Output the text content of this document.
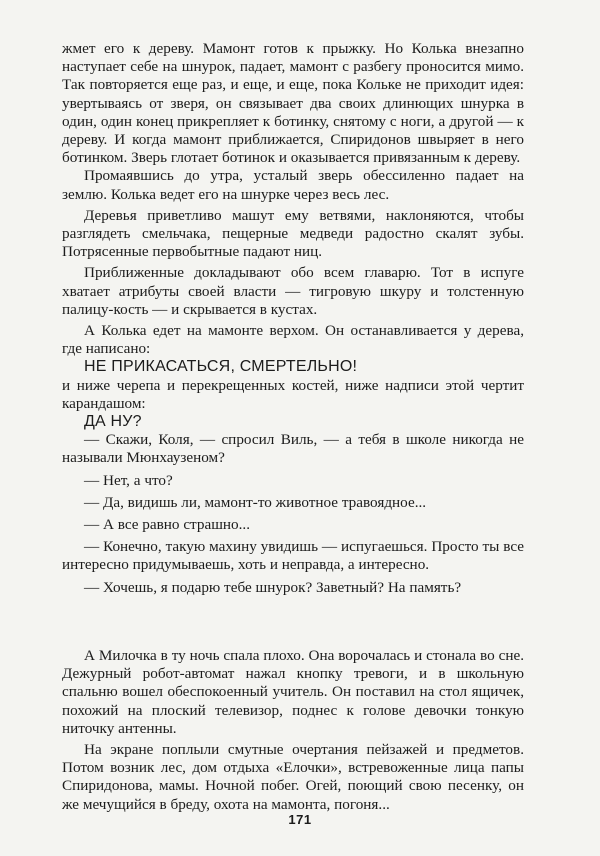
жмет его к дереву. Мамонт готов к прыжку. Но Колька внезапно наступает себе на шнурок, падает, мамонт с разбегу проносится мимо. Так повторяется еще раз, и еще, и еще, пока Кольке не приходит идея: увертываясь от зверя, он связывает два своих длинющих шнурка в один, один конец прикрепляет к ботинку, снятому с ноги, а другой — к дереву. И когда мамонт приближается, Спиридонов швыряет в него ботинком. Зверь глотает ботинок и оказывается привязанным к дереву.

Промаявшись до утра, усталый зверь обессиленно падает на землю. Колька ведет его на шнурке через весь лес.

Деревья приветливо машут ему ветвями, наклоняются, чтобы разглядеть смельчака, пещерные медведи радостно скалят зубы. Потрясенные первобытные падают ниц.

Приближенные докладывают обо всем главарю. Тот в испуге хватает атрибуты своей власти — тигровую шкуру и толстенную палицу-кость — и скрывается в кустах.

А Колька едет на мамонте верхом. Он останавливается у дерева, где написано:

НЕ ПРИКАСАТЬСЯ, СМЕРТЕЛЬНО!

и ниже черепа и перекрещенных костей, ниже надписи этой чертит карандашом:

ДА НУ?

— Скажи, Коля, — спросил Виль, — а тебя в школе никогда не называли Мюнхаузеном?

— Нет, а что?

— Да, видишь ли, мамонт-то животное травоядное...

— А все равно страшно...

— Конечно, такую махину увидишь — испугаешься. Просто ты все интересно придумываешь, хоть и неправда, а интересно.

— Хочешь, я подарю тебе шнурок? Заветный? На память?

А Милочка в ту ночь спала плохо. Она ворочалась и стонала во сне. Дежурный робот-автомат нажал кнопку тревоги, и в школьную спальню вошел обеспокоенный учитель. Он поставил на стол ящичек, похожий на плоский телевизор, поднес к голове девочки тонкую ниточку антенны.

На экране поплыли смутные очертания пейзажей и предметов. Потом возник лес, дом отдыха «Елочки», встревоженные лица папы Спиридонова, мамы. Ночной побег. Огей, поющий свою песенку, он же мечущийся в бреду, охота на мамонта, погоня...

171
